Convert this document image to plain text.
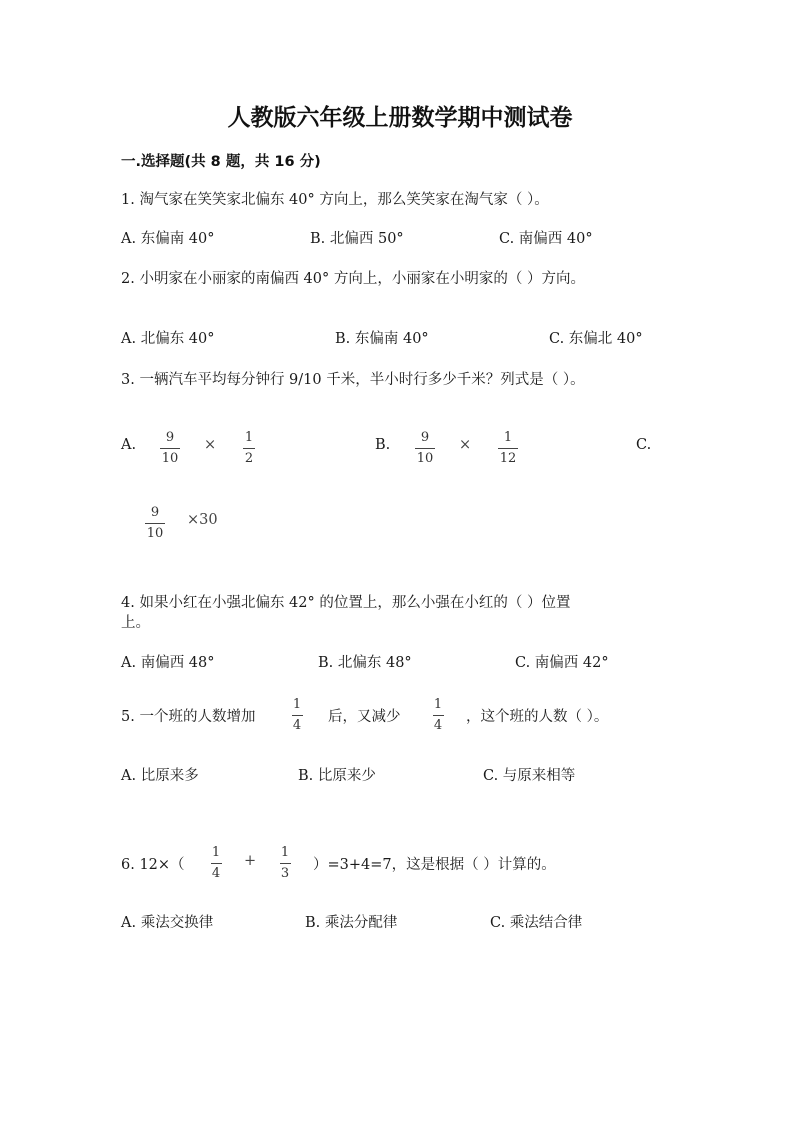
人教版六年级上册数学期中测试卷
一.选择题(共 8 题，共 16 分)
1. 淘气家在笑笑家北偏东 40° 方向上，那么笑笑家在淘气家（ ）。
A. 东偏南 40°	B. 北偏西 50°	C. 南偏西 40°
2. 小明家在小丽家的南偏西 40° 方向上，小丽家在小明家的（ ）方向。
A. 北偏东 40°	B. 东偏南 40°	C. 东偏北 40°
3. 一辆汽车平均每分钟行 9/10 千米，半小时行多少千米？列式是（ ）。
A. 9
10
× 1
2
B. 9
10
×	1
12
C.
9
10
×30
4. 如果小红在小强北偏东 42° 的位置上，那么小强在小红的（ ）位置
上。
A. 南偏西 48°	B. 北偏东 48°	C. 南偏西 42°
5. 一个班的人数增加
1
4
后，又减少
1
4
，这个班的人数（ ）。
A. 比原来多	B. 比原来少	C. 与原来相等
6. 12×（
1
4
+
1
3
）=3+4=7，这是根据（ ）计算的。
A. 乘法交换律	B. 乘法分配律	C. 乘法结合律
